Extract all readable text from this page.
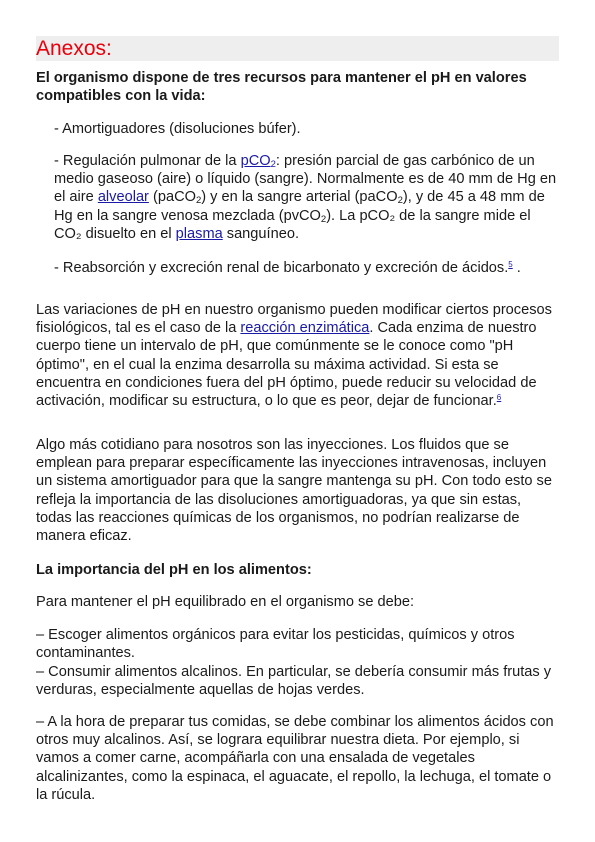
Anexos:
El organismo dispone de tres recursos para mantener el pH en valores compatibles con la vida:
- Amortiguadores (disoluciones búfer).
- Regulación pulmonar de la pCO$_2$: presión parcial de gas carbónico de un medio gaseoso (aire) o líquido (sangre). Normalmente es de 40 mm de Hg en el aire alveolar (paCO$_2$) y en la sangre arterial (paCO$_2$), y de 45 a 48 mm de Hg en la sangre venosa mezclada (pvCO$_2$). La pCO₂ de la sangre mide el CO₂ disuelto en el plasma sanguíneo.
- Reabsorción y excreción renal de bicarbonato y excreción de ácidos.$^5$ .
Las variaciones de pH en nuestro organismo pueden modificar ciertos procesos fisiológicos, tal es el caso de la reacción enzimática. Cada enzima de nuestro cuerpo tiene un intervalo de pH, que comúnmente se le conoce como "pH óptimo", en el cual la enzima desarrolla su máxima actividad. Si esta se encuentra en condiciones fuera del pH óptimo, puede reducir su velocidad de activación, modificar su estructura, o lo que es peor, dejar de funcionar.$^6$
Algo más cotidiano para nosotros son las inyecciones. Los fluidos que se emplean para preparar específicamente las inyecciones intravenosas, incluyen un sistema amortiguador para que la sangre mantenga su pH. Con todo esto se refleja la importancia de las disoluciones amortiguadoras, ya que sin estas, todas las reacciones químicas de los organismos, no podrían realizarse de manera eficaz.
La importancia del pH en los alimentos:
Para mantener el pH equilibrado en el organismo se debe:
– Escoger alimentos orgánicos para evitar los pesticidas, químicos y otros contaminantes.
– Consumir alimentos alcalinos. En particular, se debería consumir más frutas y verduras, especialmente aquellas de hojas verdes.
– A la hora de preparar tus comidas, se debe combinar los alimentos ácidos con otros muy alcalinos. Así, se lograra equilibrar nuestra dieta. Por ejemplo, si vamos a comer carne, acompáñarla con una ensalada de vegetales alcalinizantes, como la espinaca, el aguacate, el repollo, la lechuga, el tomate o la rúcula.
